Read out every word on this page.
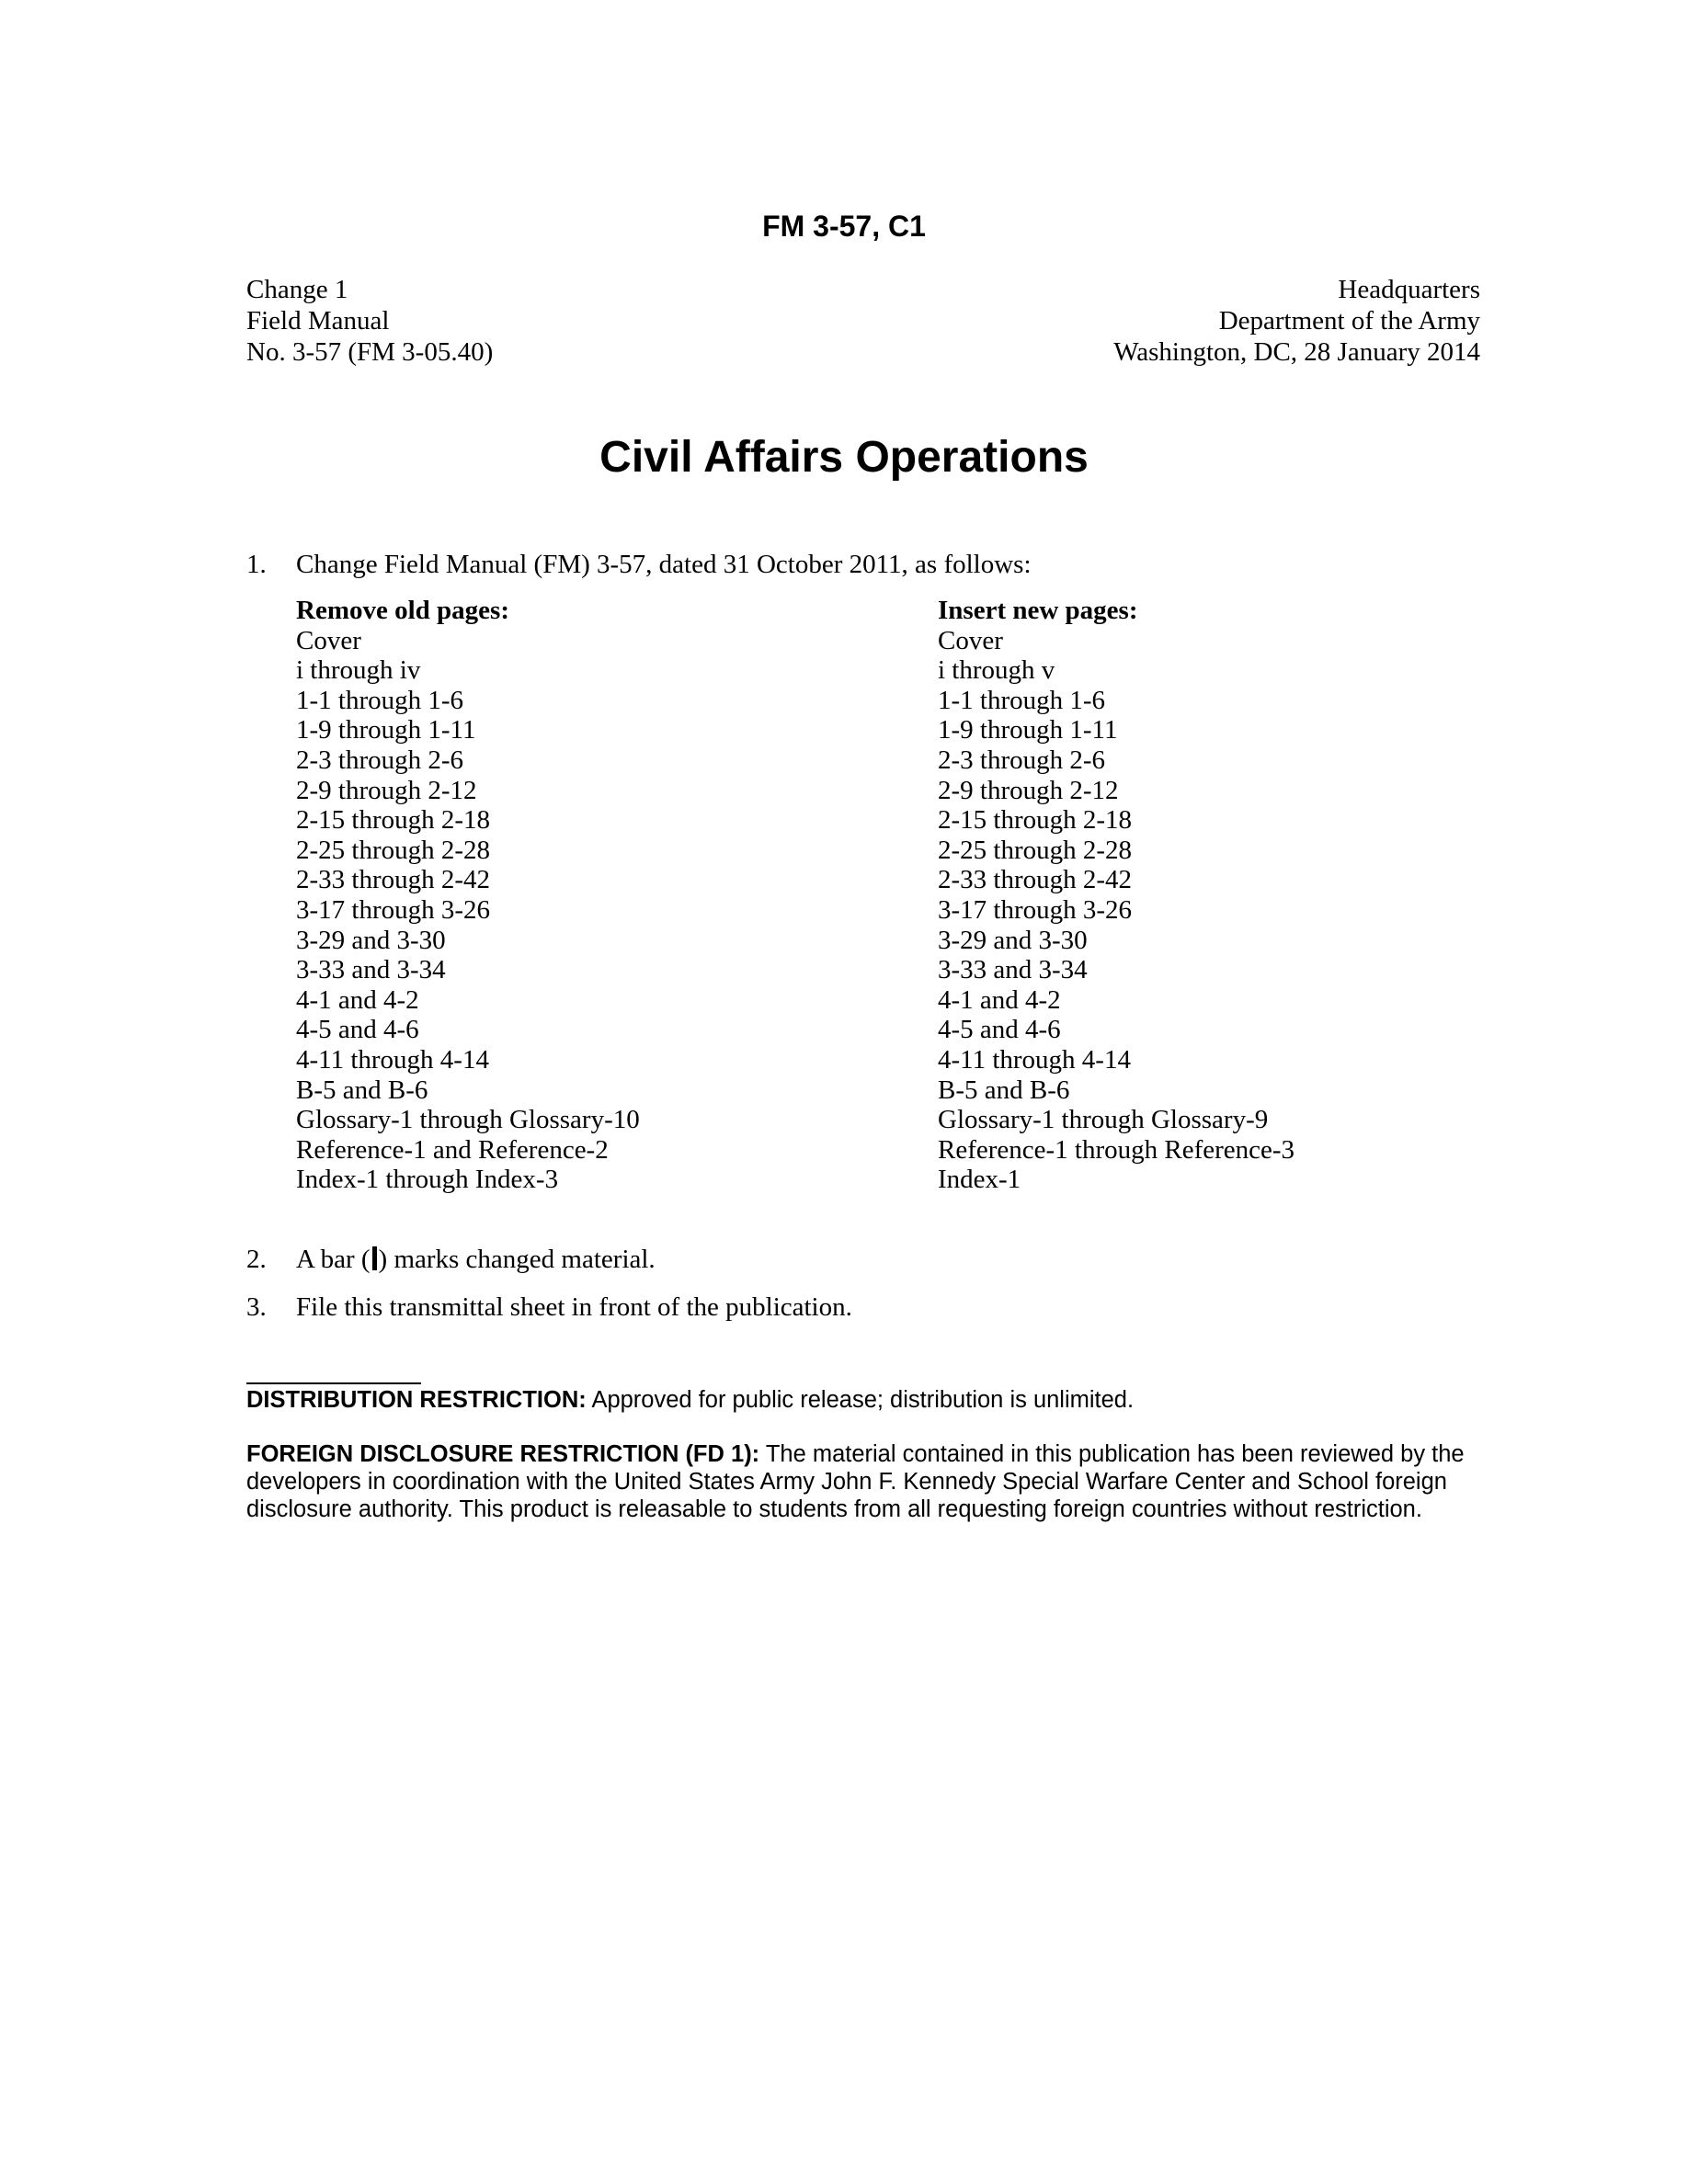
FM 3-57, C1
Change 1
Field Manual
No. 3-57 (FM 3-05.40)
Headquarters
Department of the Army
Washington, DC, 28 January 2014
Civil Affairs Operations
1. Change Field Manual (FM) 3-57, dated 31 October 2011, as follows:
Remove old pages:
Cover
i through iv
1-1 through 1-6
1-9 through 1-11
2-3 through 2-6
2-9 through 2-12
2-15 through 2-18
2-25 through 2-28
2-33 through 2-42
3-17 through 3-26
3-29 and 3-30
3-33 and 3-34
4-1 and 4-2
4-5 and 4-6
4-11 through 4-14
B-5 and B-6
Glossary-1 through Glossary-10
Reference-1 and Reference-2
Index-1 through Index-3
Insert new pages:
Cover
i through v
1-1 through 1-6
1-9 through 1-11
2-3 through 2-6
2-9 through 2-12
2-15 through 2-18
2-25 through 2-28
2-33 through 2-42
3-17 through 3-26
3-29 and 3-30
3-33 and 3-34
4-1 and 4-2
4-5 and 4-6
4-11 through 4-14
B-5 and B-6
Glossary-1 through Glossary-9
Reference-1 through Reference-3
Index-1
2. A bar ( ) marks changed material.
3. File this transmittal sheet in front of the publication.
DISTRIBUTION RESTRICTION: Approved for public release; distribution is unlimited.
FOREIGN DISCLOSURE RESTRICTION (FD 1): The material contained in this publication has been reviewed by the developers in coordination with the United States Army John F. Kennedy Special Warfare Center and School foreign disclosure authority. This product is releasable to students from all requesting foreign countries without restriction.
